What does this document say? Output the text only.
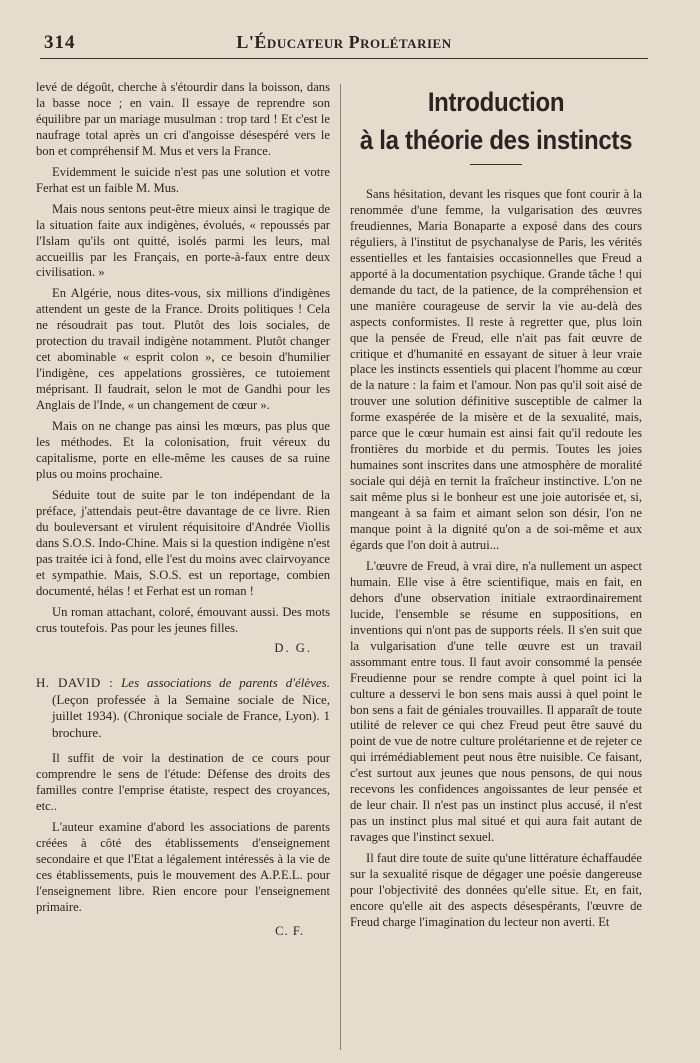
314	L'Éducateur Prolétarien

levé de dégoût, cherche à s'étourdir dans la boisson, dans la basse noce ; en vain. Il essaye de reprendre son équilibre par un mariage musulman : trop tard ! Et c'est le naufrage total après un cri d'angoisse désespéré vers le bon et compréhensif M. Mus et vers la France.

Evidemment le suicide n'est pas une solution et votre Ferhat est un faible M. Mus.

Mais nous sentons peut-être mieux ainsi le tragique de la situation faite aux indigènes, évolués, « repoussés par l'Islam qu'ils ont quitté, isolés parmi les leurs, mal accueillis par les Français, en porte-à-faux entre deux civilisation. »

En Algérie, nous dites-vous, six millions d'indigènes attendent un geste de la France. Droits politiques ! Cela ne résoudrait pas tout. Plutôt des lois sociales, de protection du travail indigène notamment. Plutôt changer cet abominable « esprit colon », ce besoin d'humilier l'indigène, ces appelations grossières, ce tutoiement méprisant. Il faudrait, selon le mot de Gandhi pour les Anglais de l'Inde, « un changement de cœur ».

Mais on ne change pas ainsi les mœurs, pas plus que les méthodes. Et la colonisation, fruit véreux du capitalisme, porte en elle-même les causes de sa ruine plus ou moins prochaine.

Séduite tout de suite par le ton indépendant de la préface, j'attendais peut-être davantage de ce livre. Rien du bouleversant et virulent réquisitoire d'Andrée Viollis dans S.O.S. Indo-Chine. Mais si la question indigène n'est pas traitée ici à fond, elle l'est du moins avec clairvoyance et sympathie. Mais, S.O.S. est un reportage, combien documenté, hélas ! et Ferhat est un roman !

Un roman attachant, coloré, émouvant aussi. Des mots crus toutefois. Pas pour les jeunes filles.

D. G.

H. DAVID : Les associations de parents d'élèves. (Leçon professée à la Semaine sociale de Nice, juillet 1934). (Chronique sociale de France, Lyon). 1 brochure.

Il suffit de voir la destination de ce cours pour comprendre le sens de l'étude: Défense des droits des familles contre l'emprise étatiste, respect des croyances, etc..

L'auteur examine d'abord les associations de parents créées à côté des établissements d'enseignement secondaire et que l'Etat a légalement intéressés à la vie de ces établissements, puis le mouvement des A.P.E.L. pour l'enseignement libre. Rien encore pour l'enseignement primaire.

C. F.

Introduction
à la théorie des instincts

Sans hésitation, devant les risques que font courir à la renommée d'une femme, la vulgarisation des œuvres freudiennes, Maria Bonaparte a exposé dans des cours réguliers, à l'institut de psychanalyse de Paris, les vérités essentielles et les fantaisies occasionnelles que Freud a apporté à la documentation psychique. Grande tâche ! qui demande du tact, de la patience, de la compréhension et une manière courageuse de servir la vie au-delà des aspects conformistes. Il reste à regretter que, plus loin que la pensée de Freud, elle n'ait pas fait œuvre de critique et d'humanité en essayant de situer à leur vraie place les instincts essentiels qui placent l'homme au cœur de la nature : la faim et l'amour. Non pas qu'il soit aisé de trouver une solution définitive susceptible de calmer la forme exaspérée de la misère et de la sexualité, mais, parce que le cœur humain est ainsi fait qu'il redoute les frontières du morbide et du permis. Toutes les joies humaines sont inscrites dans une atmosphère de moralité sociale qui déjà en ternit la fraîcheur instinctive. L'on ne sait même plus si le bonheur est une joie autorisée et, si, mangeant à sa faim et aimant selon son désir, l'on ne manque point à la dignité qu'on a de soi-même et aux égards que l'on doit à autrui...

L'œuvre de Freud, à vrai dire, n'a nullement un aspect humain. Elle vise à être scientifique, mais en fait, en dehors d'une observation initiale extraordinairement lucide, l'ensemble se résume en suppositions, en inventions qui n'ont pas de supports réels. Il s'en suit que la vulgarisation d'une telle œuvre est un travail assommant entre tous. Il faut avoir consommé la pensée Freudienne pour se rendre compte à quel point ici la culture a desservi le bon sens mais aussi à quel point le bon sens a fait de géniales trouvailles. Il apparaît de toute utilité de relever ce qui chez Freud peut être sauvé du point de vue de notre culture prolétarienne et de rejeter ce qui irrémédiablement peut nous être nuisible. Ce faisant, c'est surtout aux jeunes que nous pensons, de qui nous recevons les confidences angoissantes de leur pensée et de leur chair. Il n'est pas un instinct plus accusé, il n'est pas un instinct plus mal situé et qui aura fait autant de ravages que l'instinct sexuel.

Il faut dire toute de suite qu'une littérature échaffaudée sur la sexualité risque de dégager une poésie dangereuse pour l'objectivité des données qu'elle situe. Et, en fait, encore qu'elle ait des aspects désespérants, l'œuvre de Freud charge l'imagination du lecteur non averti. Et
